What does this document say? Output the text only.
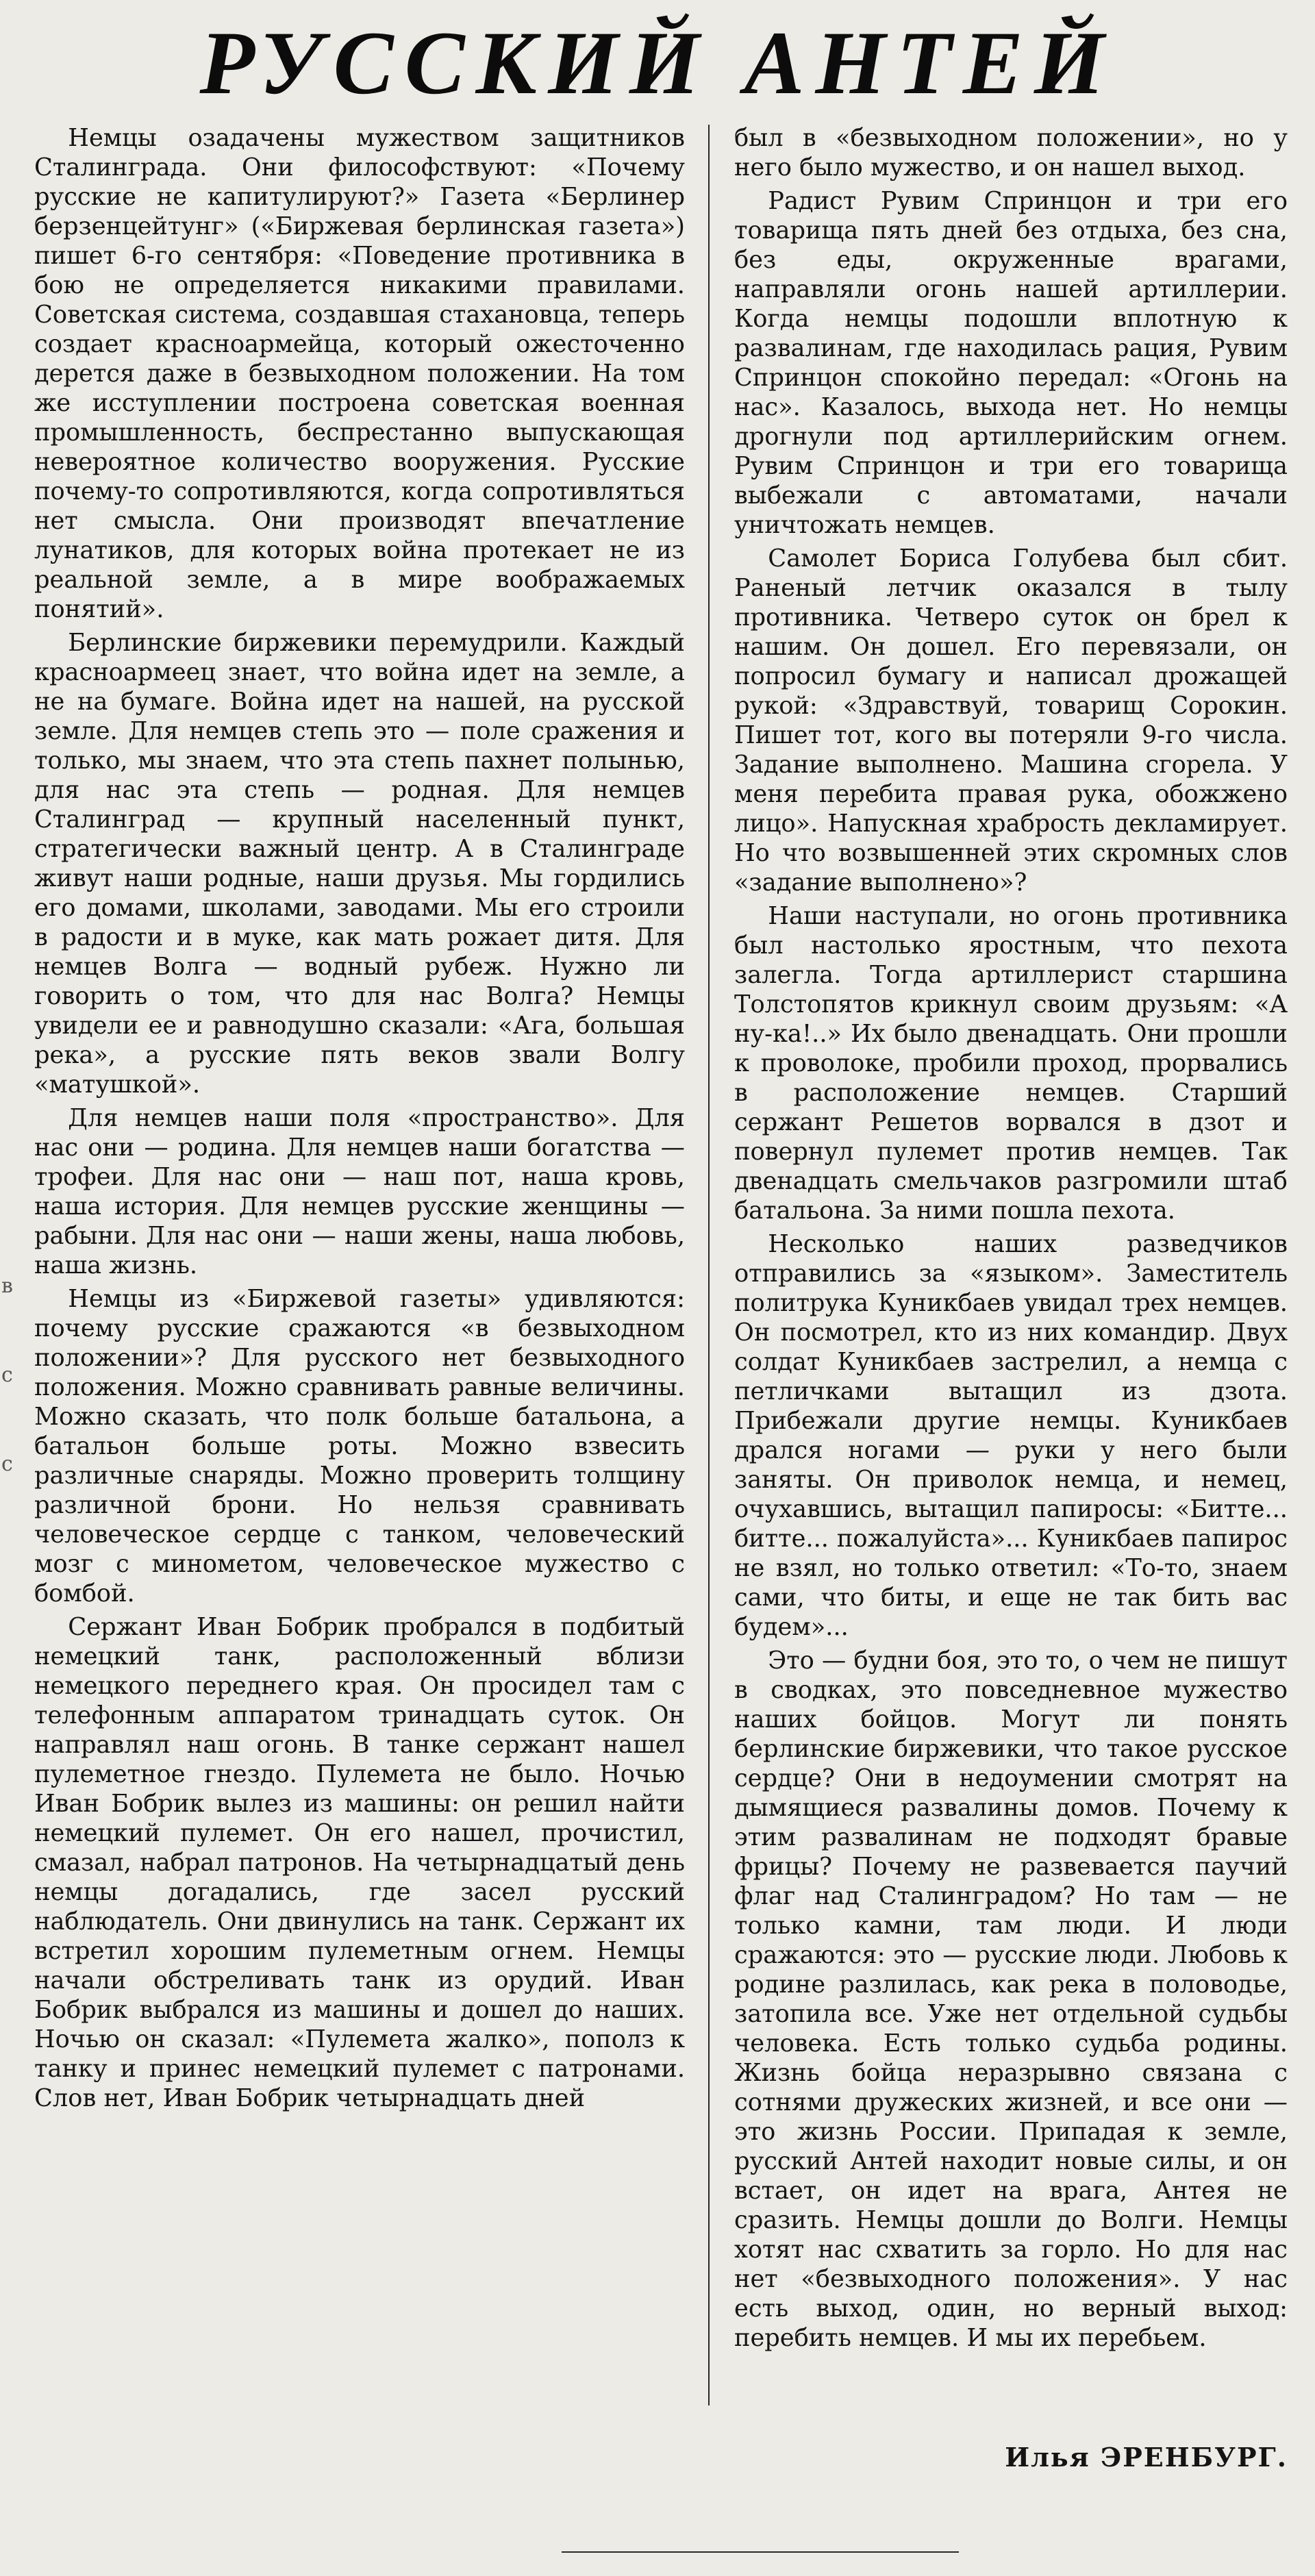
РУССКИЙ АНТЕЙ

Немцы озадачены мужеством защитников Сталинграда. Они философствуют: «Почему русские не капитулируют?» Газета «Берлинер берзенцейтунг» («Биржевая берлинская газета») пишет 6-го сентября: «Поведение противника в бою не определяется никакими правилами. Советская система, создавшая стахановца, теперь создает красноармейца, который ожесточенно дерется даже в безвыходном положении. На том же исступлении построена советская военная промышленность, беспрестанно выпускающая невероятное количество вооружения. Русские почему-то сопротивляются, когда сопротивляться нет смысла. Они производят впечатление лунатиков, для которых война протекает не из реальной земле, а в мире воображаемых понятий».

Берлинские биржевики перемудрили. Каждый красноармеец знает, что война идет на земле, а не на бумаге. Война идет на нашей, на русской земле. Для немцев степь это — поле сражения и только, мы знаем, что эта степь пахнет полынью, для нас эта степь — родная. Для немцев Сталинград — крупный населенный пункт, стратегически важный центр. А в Сталинграде живут наши родные, наши друзья. Мы гордились его домами, школами, заводами. Мы его строили в радости и в муке, как мать рожает дитя. Для немцев Волга — водный рубеж. Нужно ли говорить о том, что для нас Волга? Немцы увидели ее и равнодушно сказали: «Ага, большая река», а русские пять веков звали Волгу «матушкой».

Для немцев наши поля «пространство». Для нас они — родина. Для немцев наши богатства — трофеи. Для нас они — наш пот, наша кровь, наша история. Для немцев русские женщины — рабыни. Для нас они — наши жены, наша любовь, наша жизнь.

Немцы из «Биржевой газеты» удивляются: почему русские сражаются «в безвыходном положении»? Для русского нет безвыходного положения. Можно сравнивать равные величины. Можно сказать, что полк больше батальона, а батальон больше роты. Можно взвесить различные снаряды. Можно проверить толщину различной брони. Но нельзя сравнивать человеческое сердце с танком, человеческий мозг с минометом, человеческое мужество с бомбой.

Сержант Иван Бобрик пробрался в подбитый немецкий танк, расположенный вблизи немецкого переднего края. Он просидел там с телефонным аппаратом тринадцать суток. Он направлял наш огонь. В танке сержант нашел пулеметное гнездо. Пулемета не было. Ночью Иван Бобрик вылез из машины: он решил найти немецкий пулемет. Он его нашел, прочистил, смазал, набрал патронов. На четырнадцатый день немцы догадались, где засел русский наблюдатель. Они двинулись на танк. Сержант их встретил хорошим пулеметным огнем. Немцы начали обстреливать танк из орудий. Иван Бобрик выбрался из машины и дошел до наших. Ночью он сказал: «Пулемета жалко», пополз к танку и принес немецкий пулемет с патронами. Слов нет, Иван Бобрик четырнадцать дней

был в «безвыходном положении», но у него было мужество, и он нашел выход.

Радист Рувим Спринцон и три его товарища пять дней без отдыха, без сна, без еды, окруженные врагами, направляли огонь нашей артиллерии. Когда немцы подошли вплотную к развалинам, где находилась рация, Рувим Спринцон спокойно передал: «Огонь на нас». Казалось, выхода нет. Но немцы дрогнули под артиллерийским огнем. Рувим Спринцон и три его товарища выбежали с автоматами, начали уничтожать немцев.

Самолет Бориса Голубева был сбит. Раненый летчик оказался в тылу противника. Четверо суток он брел к нашим. Он дошел. Его перевязали, он попросил бумагу и написал дрожащей рукой: «Здравствуй, товарищ Сорокин. Пишет тот, кого вы потеряли 9-го числа. Задание выполнено. Машина сгорела. У меня перебита правая рука, обожжено лицо». Напускная храбрость декламирует. Но что возвышенней этих скромных слов «задание выполнено»?

Наши наступали, но огонь противника был настолько яростным, что пехота залегла. Тогда артиллерист старшина Толстопятов крикнул своим друзьям: «А ну-ка!..» Их было двенадцать. Они прошли к проволоке, пробили проход, прорвались в расположение немцев. Старший сержант Решетов ворвался в дзот и повернул пулемет против немцев. Так двенадцать смельчаков разгромили штаб батальона. За ними пошла пехота.

Несколько наших разведчиков отправились за «языком». Заместитель политрука Куникбаев увидал трех немцев. Он посмотрел, кто из них командир. Двух солдат Куникбаев застрелил, а немца с петличками вытащил из дзота. Прибежали другие немцы. Куникбаев дрался ногами — руки у него были заняты. Он приволок немца, и немец, очухавшись, вытащил папиросы: «Битте... битте... пожалуйста»... Куникбаев папирос не взял, но только ответил: «То-то, знаем сами, что биты, и еще не так бить вас будем»...

Это — будни боя, это то, о чем не пишут в сводках, это повседневное мужество наших бойцов. Могут ли понять берлинские биржевики, что такое русское сердце? Они в недоумении смотрят на дымящиеся развалины домов. Почему к этим развалинам не подходят бравые фрицы? Почему не развевается паучий флаг над Сталинградом? Но там — не только камни, там люди. И люди сражаются: это — русские люди. Любовь к родине разлилась, как река в половодье, затопила все. Уже нет отдельной судьбы человека. Есть только судьба родины. Жизнь бойца неразрывно связана с сотнями дружеских жизней, и все они — это жизнь России. Припадая к земле, русский Антей находит новые силы, и он встает, он идет на врага, Антея не сразить. Немцы дошли до Волги. Немцы хотят нас схватить за горло. Но для нас нет «безвыходного положения». У нас есть выход, один, но верный выход: перебить немцев. И мы их перебьем.

Илья ЭРЕНБУРГ.
в
с
с
